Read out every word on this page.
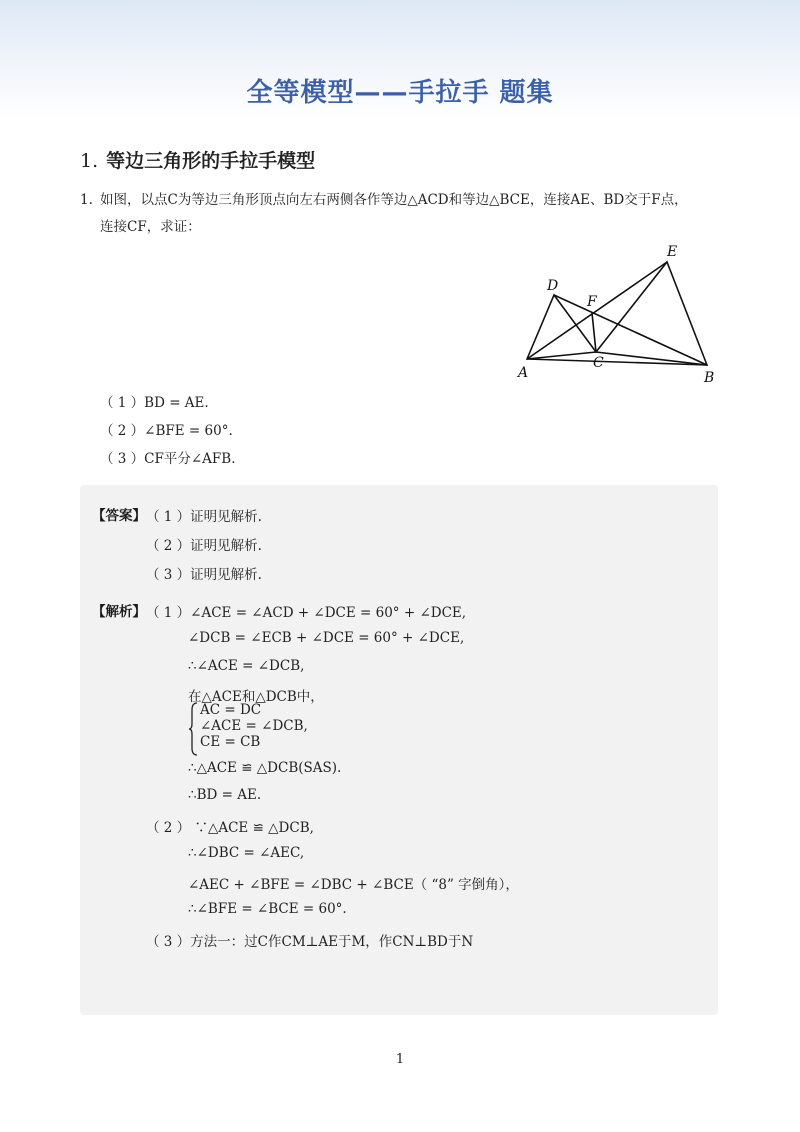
全等模型——手拉手 题集
1. 等边三角形的手拉手模型
1. 如图，以点C为等边三角形顶点向左右两侧各作等边△ACD和等边△BCE，连接AE、BD交于F点，
连接CF，求证：
A	B
C
D
E
F
（ 1 ）BD = AE.
（ 2 ）∠BFE = 60°.
（ 3 ）CF平分∠AFB.
【答案】 （ 1 ）证明见解析.
（ 2 ）证明见解析.
（ 3 ）证明见解析.
【解析】 （ 1 ）∠ACE = ∠ACD + ∠DCE = 60° + ∠DCE,
∠DCB = ∠ECB + ∠DCE = 60° + ∠DCE,
∴∠ACE = ∠DCB,
在△ACE和△DCB中，
AC = DC
∠ACE = ∠DCB,
CE = CB
∴△ACE ≌ △DCB(SAS).
∴BD = AE.
（ 2 ） ∵△ACE ≌ △DCB,
∴∠DBC = ∠AEC,
∠AEC + ∠BFE = ∠DBC + ∠BCE（ “8” 字倒角），
∴∠BFE = ∠BCE = 60°.
（ 3 ）方法一：过C作CM⊥AE于M，作CN⊥BD于N
1
